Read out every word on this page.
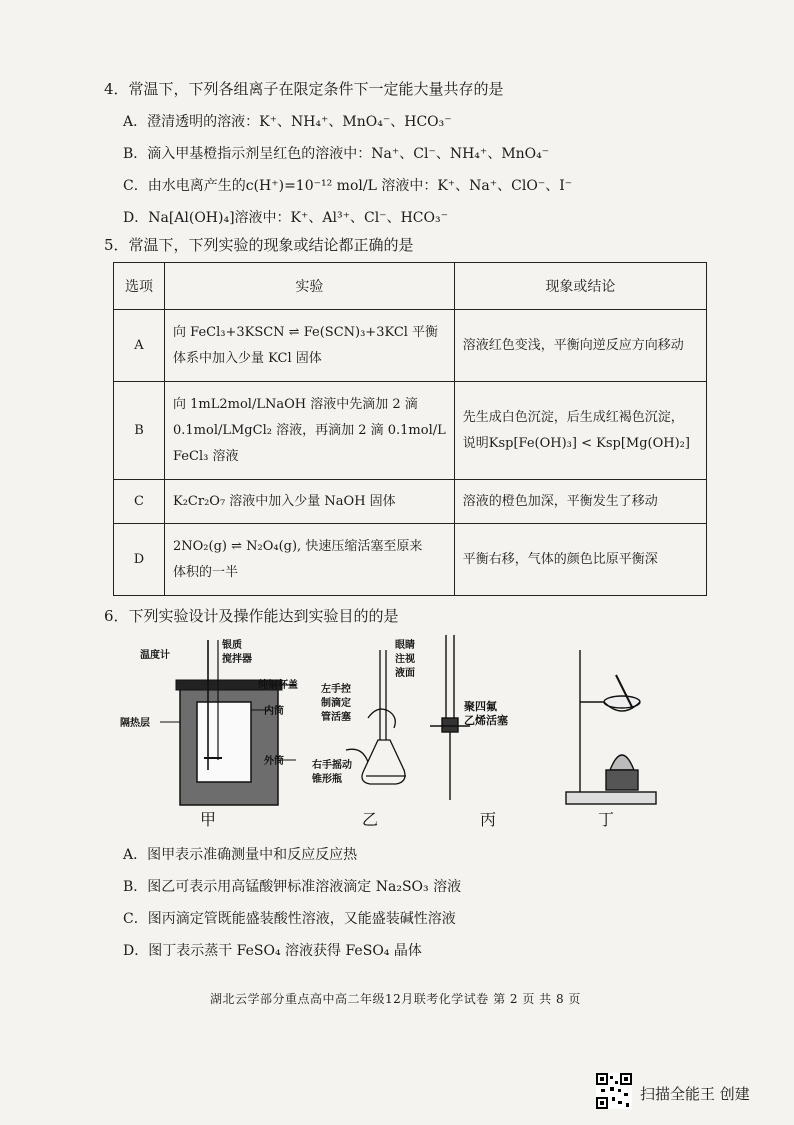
4．常温下，下列各组离子在限定条件下一定能大量共存的是
A．澄清透明的溶液：K⁺、NH₄⁺、MnO₄⁻、HCO₃⁻
B．滴入甲基橙指示剂呈红色的溶液中：Na⁺、Cl⁻、NH₄⁺、MnO₄⁻
C．由水电离产生的c(H⁺)=10⁻¹² mol/L 溶液中：K⁺、Na⁺、ClO⁻、I⁻
D．Na[Al(OH)₄]溶液中：K⁺、Al³⁺、Cl⁻、HCO₃⁻
5．常温下，下列实验的现象或结论都正确的是
选项	实验	现象或结论
A	向 FeCl₃+3KSCN ⇌ Fe(SCN)₃+3KCl 平衡
体系中加入少量 KCl 固体	溶液红色变浅，平衡向逆反应方向移动

B	向 1mL2mol/LNaOH 溶液中先滴加 2 滴
0.1mol/LMgCl₂ 溶液，再滴加 2 滴 0.1mol/L
FeCl₃ 溶液	先生成白色沉淀，后生成红褐色沉淀，
说明Ksp[Fe(OH)₃] < Ksp[Mg(OH)₂]

C	K₂Cr₂O₇ 溶液中加入少量 NaOH 固体	溶液的橙色加深，平衡发生了移动

D	2NO₂(g) ⇌ N₂O₄(g), 快速压缩活塞至原来
体积的一半	平衡右移，气体的颜色比原平衡深
6．下列实验设计及操作能达到实验目的的是
温度计
银质
搅拌器
纯铜杯盖
内筒
隔热层
外筒
左手控
制滴定
管活塞
眼睛
注视
液面
右手摇动
锥形瓶
聚四氟
乙烯活塞
甲	乙	丙	丁
A．图甲表示准确测量中和反应反应热
B．图乙可表示用高锰酸钾标准溶液滴定 Na₂SO₃ 溶液
C．图丙滴定管既能盛装酸性溶液，又能盛装碱性溶液
D．图丁表示蒸干 FeSO₄ 溶液获得 FeSO₄ 晶体
湖北云学部分重点高中高二年级12月联考化学试卷 第 2 页 共 8 页
扫描全能王 创建
